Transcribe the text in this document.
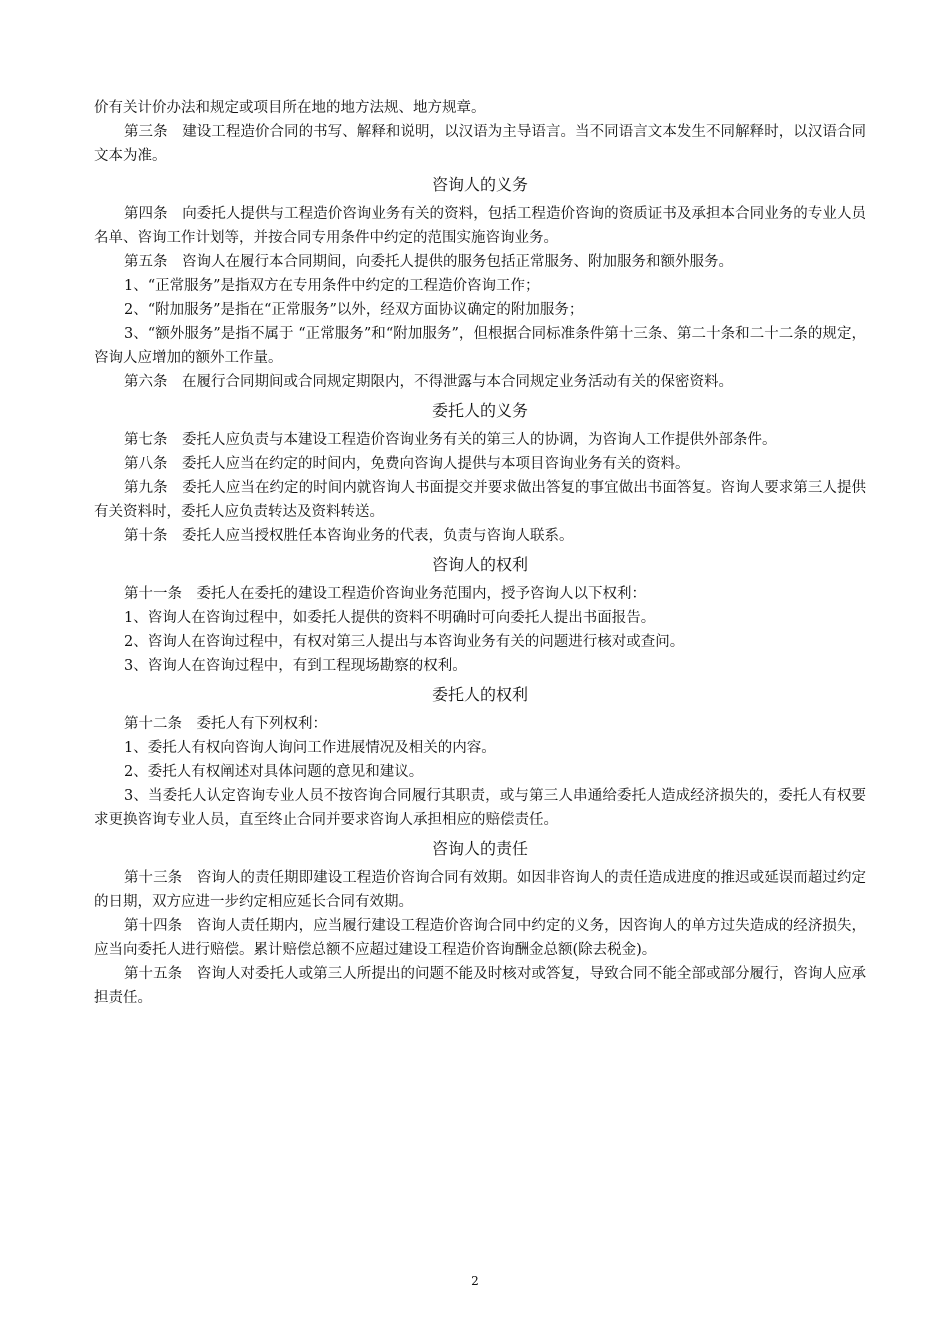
价有关计价办法和规定或项目所在地的地方法规、地方规章。

第三条　建设工程造价合同的书写、解释和说明，以汉语为主导语言。当不同语言文本发生不同解释时，以汉语合同文本为准。

咨询人的义务

第四条　向委托人提供与工程造价咨询业务有关的资料，包括工程造价咨询的资质证书及承担本合同业务的专业人员名单、咨询工作计划等，并按合同专用条件中约定的范围实施咨询业务。

第五条　咨询人在履行本合同期间，向委托人提供的服务包括正常服务、附加服务和额外服务。

1、“正常服务”是指双方在专用条件中约定的工程造价咨询工作；

2、“附加服务”是指在“正常服务”以外，经双方面协议确定的附加服务；

3、“额外服务”是指不属于 “正常服务”和“附加服务”，但根据合同标准条件第十三条、第二十条和二十二条的规定，咨询人应增加的额外工作量。

第六条　在履行合同期间或合同规定期限内，不得泄露与本合同规定业务活动有关的保密资料。

委托人的义务

第七条　委托人应负责与本建设工程造价咨询业务有关的第三人的协调，为咨询人工作提供外部条件。

第八条　委托人应当在约定的时间内，免费向咨询人提供与本项目咨询业务有关的资料。

第九条　委托人应当在约定的时间内就咨询人书面提交并要求做出答复的事宜做出书面答复。咨询人要求第三人提供有关资料时，委托人应负责转达及资料转送。

第十条　委托人应当授权胜任本咨询业务的代表，负责与咨询人联系。

咨询人的权利

第十一条　委托人在委托的建设工程造价咨询业务范围内，授予咨询人以下权利：

1、咨询人在咨询过程中，如委托人提供的资料不明确时可向委托人提出书面报告。

2、咨询人在咨询过程中，有权对第三人提出与本咨询业务有关的问题进行核对或查问。

3、咨询人在咨询过程中，有到工程现场勘察的权利。

委托人的权利

第十二条　委托人有下列权利：

1、委托人有权向咨询人询问工作进展情况及相关的内容。

2、委托人有权阐述对具体问题的意见和建议。

3、当委托人认定咨询专业人员不按咨询合同履行其职责，或与第三人串通给委托人造成经济损失的，委托人有权要求更换咨询专业人员，直至终止合同并要求咨询人承担相应的赔偿责任。

咨询人的责任

第十三条　咨询人的责任期即建设工程造价咨询合同有效期。如因非咨询人的责任造成进度的推迟或延误而超过约定的日期，双方应进一步约定相应延长合同有效期。

第十四条　咨询人责任期内，应当履行建设工程造价咨询合同中约定的义务，因咨询人的单方过失造成的经济损失，应当向委托人进行赔偿。累计赔偿总额不应超过建设工程造价咨询酬金总额(除去税金)。

第十五条　咨询人对委托人或第三人所提出的问题不能及时核对或答复，导致合同不能全部或部分履行，咨询人应承担责任。

2
